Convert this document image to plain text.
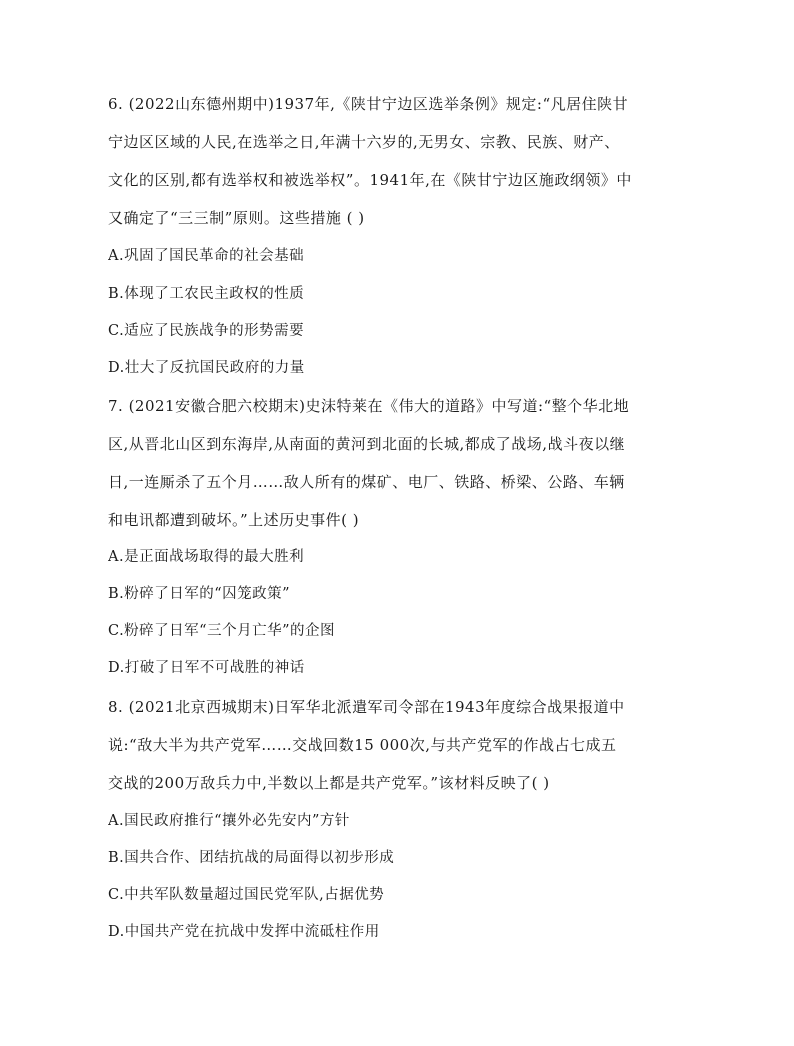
6. (2022山东德州期中)1937年,《陕甘宁边区选举条例》规定:“凡居住陕甘
宁边区区域的人民,在选举之日,年满十六岁的,无男女、宗教、民族、财产、
文化的区别,都有选举权和被选举权”。1941年,在《陕甘宁边区施政纲领》中
又确定了“三三制”原则。这些措施 ( )
A.巩固了国民革命的社会基础
B.体现了工农民主政权的性质
C.适应了民族战争的形势需要
D.壮大了反抗国民政府的力量
7. (2021安徽合肥六校期末)史沫特莱在《伟大的道路》中写道:“整个华北地
区,从晋北山区到东海岸,从南面的黄河到北面的长城,都成了战场,战斗夜以继
日,一连厮杀了五个月……敌人所有的煤矿、电厂、铁路、桥梁、公路、车辆
和电讯都遭到破坏。”上述历史事件( )
A.是正面战场取得的最大胜利
B.粉碎了日军的“囚笼政策”
C.粉碎了日军“三个月亡华”的企图
D.打破了日军不可战胜的神话
8. (2021北京西城期末)日军华北派遣军司令部在1943年度综合战果报道中
说:“敌大半为共产党军……交战回数15 000次,与共产党军的作战占七成五
交战的200万敌兵力中,半数以上都是共产党军。”该材料反映了( )
A.国民政府推行“攘外必先安内”方针
B.国共合作、团结抗战的局面得以初步形成
C.中共军队数量超过国民党军队,占据优势
D.中国共产党在抗战中发挥中流砥柱作用
